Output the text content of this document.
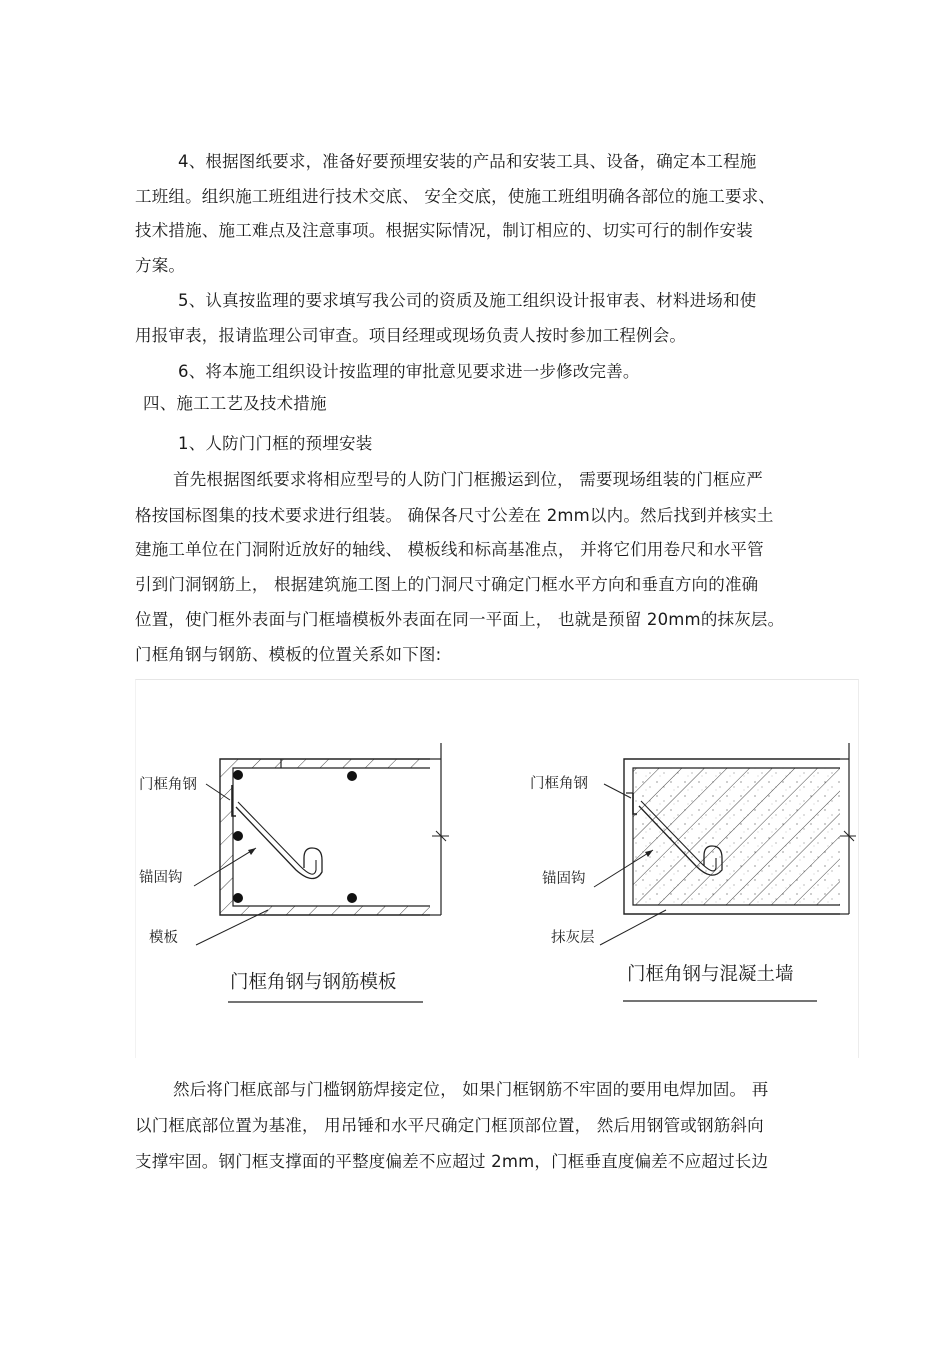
4、根据图纸要求，准备好要预埋安装的产品和安装工具、设备，确定本工程施
工班组。组织施工班组进行技术交底、 安全交底，使施工班组明确各部位的施工要求、
技术措施、施工难点及注意事项。根据实际情况，制订相应的、切实可行的制作安装
方案。
5、认真按监理的要求填写我公司的资质及施工组织设计报审表、材料进场和使
用报审表，报请监理公司审查。项目经理或现场负责人按时参加工程例会。
6、将本施工组织设计按监理的审批意见要求进一步修改完善。
四、施工工艺及技术措施
1、人防门门框的预埋安装
首先根据图纸要求将相应型号的人防门门框搬运到位， 需要现场组装的门框应严
格按国标图集的技术要求进行组装。 确保各尺寸公差在 2mm以内。然后找到并核实土
建施工单位在门洞附近放好的轴线、 模板线和标高基准点， 并将它们用卷尺和水平管
引到门洞钢筋上， 根据建筑施工图上的门洞尺寸确定门框水平方向和垂直方向的准确
位置，使门框外表面与门框墙模板外表面在同一平面上， 也就是预留 20mm的抹灰层。
门框角钢与钢筋、模板的位置关系如下图:
门框角钢
锚固钩
模板
门框角钢与钢筋模板
门框角钢
锚固钩
抹灰层
门框角钢与混凝土墙
然后将门框底部与门槛钢筋焊接定位， 如果门框钢筋不牢固的要用电焊加固。 再
以门框底部位置为基准， 用吊锤和水平尺确定门框顶部位置， 然后用钢管或钢筋斜向
支撑牢固。钢门框支撑面的平整度偏差不应超过 2mm，门框垂直度偏差不应超过长边
